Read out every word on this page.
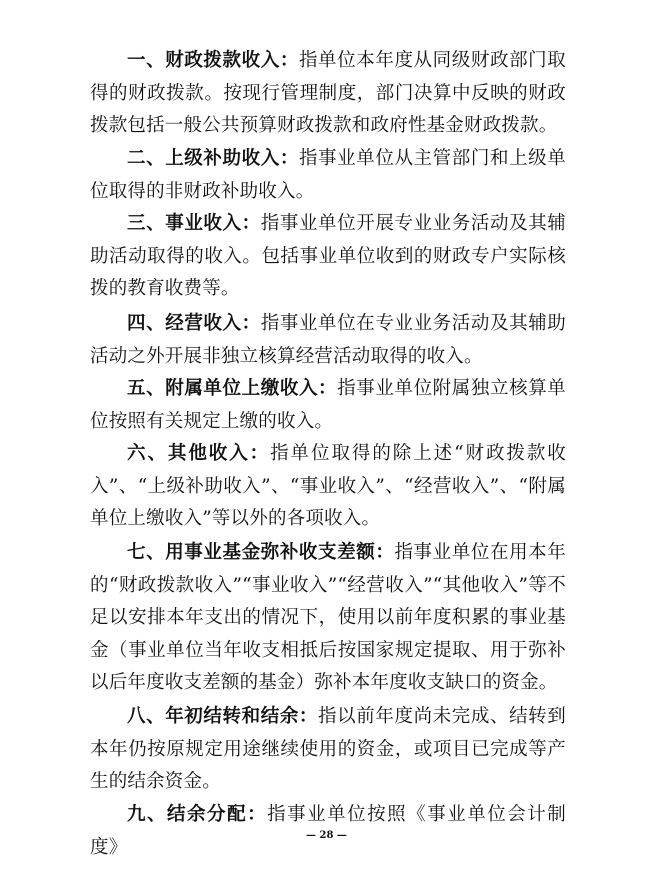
一、财政拨款收入：指单位本年度从同级财政部门取得的财政拨款。按现行管理制度，部门决算中反映的财政拨款包括一般公共预算财政拨款和政府性基金财政拨款。

二、上级补助收入：指事业单位从主管部门和上级单位取得的非财政补助收入。

三、事业收入：指事业单位开展专业业务活动及其辅助活动取得的收入。包括事业单位收到的财政专户实际核拨的教育收费等。

四、经营收入：指事业单位在专业业务活动及其辅助活动之外开展非独立核算经营活动取得的收入。

五、附属单位上缴收入：指事业单位附属独立核算单位按照有关规定上缴的收入。

六、其他收入：指单位取得的除上述“财政拨款收入”、“上级补助收入”、“事业收入”、“经营收入”、“附属单位上缴收入”等以外的各项收入。

七、用事业基金弥补收支差额：指事业单位在用本年的“财政拨款收入”“事业收入”“经营收入”“其他收入”等不足以安排本年支出的情况下，使用以前年度积累的事业基金（事业单位当年收支相抵后按国家规定提取、用于弥补以后年度收支差额的基金）弥补本年度收支缺口的资金。

八、年初结转和结余：指以前年度尚未完成、结转到本年仍按原规定用途继续使用的资金，或项目已完成等产生的结余资金。

九、结余分配：指事业单位按照《事业单位会计制度》

— 28 —
